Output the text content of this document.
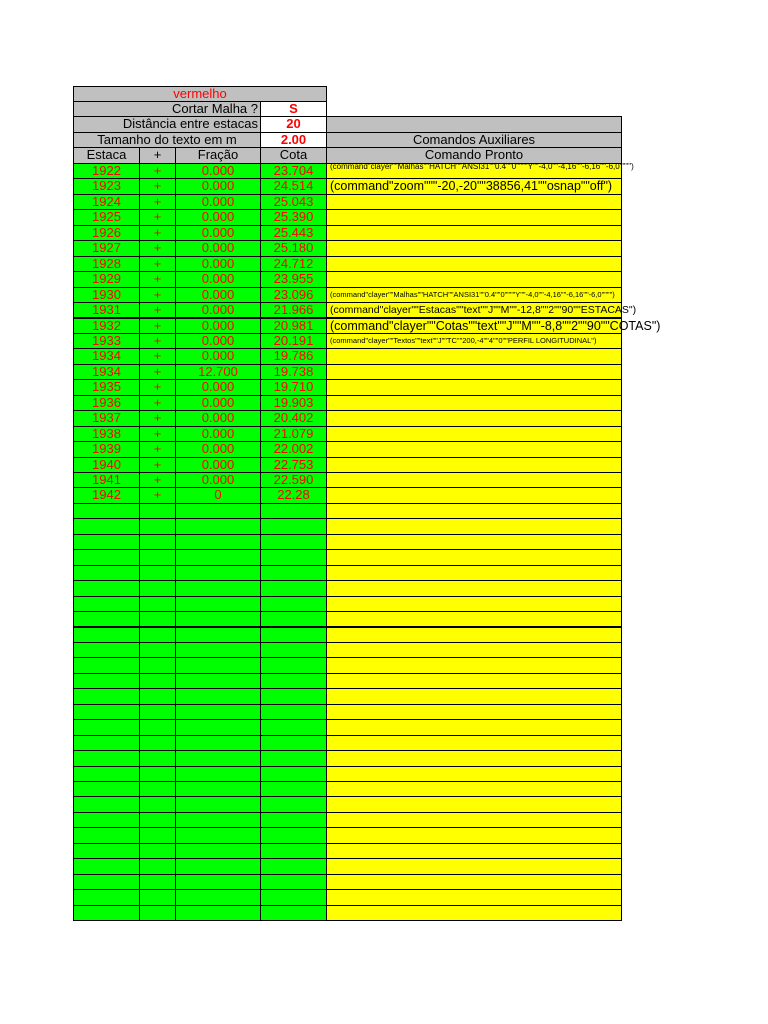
vermelho
Cortar Malha ?	S
Distância entre estacas	20
Tamanho do texto em m	2.00	Comandos Auxiliares
Estaca	+	Fração	Cota	Comando Pronto
1922	+	0.000	23.704	(command"clayer""Malhas""HATCH""ANSI31""0.4""0""""Y""-4,0""-4,16""-6,16""-6,0"""")
1923	+	0.000	24.514	(command"zoom"""-20,-20""38856,41""osnap""off")
1924	+	0.000	25.043
1925	+	0.000	25.390
1926	+	0.000	25.443
1927	+	0.000	25.180
1928	+	0.000	24.712
1929	+	0.000	23.955
1930	+	0.000	23.096	(command"clayer""Malhas""HATCH""ANSI31""0.4""0""""Y""-4,0""-4,16""-6,16""-6,0"""")
1931	+	0.000	21.966	(command"clayer""Estacas""text""J""M""-12,8""2""90""ESTACAS")
1932	+	0.000	20.981	(command"clayer""Cotas""text""J""M""-8,8""2""90""COTAS")
1933	+	0.000	20.191	(command"clayer""Textos""text""J""TC""200,-4""4""0""PERFIL LONGITUDINAL")
1934	+	0.000	19.786
1934	+	12.700	19.738
1935	+	0.000	19.710
1936	+	0.000	19.903
1937	+	0.000	20.402
1938	+	0.000	21.079
1939	+	0.000	22.002
1940	+	0.000	22.753
1941	+	0.000	22.590
1942	+	0	22.28
